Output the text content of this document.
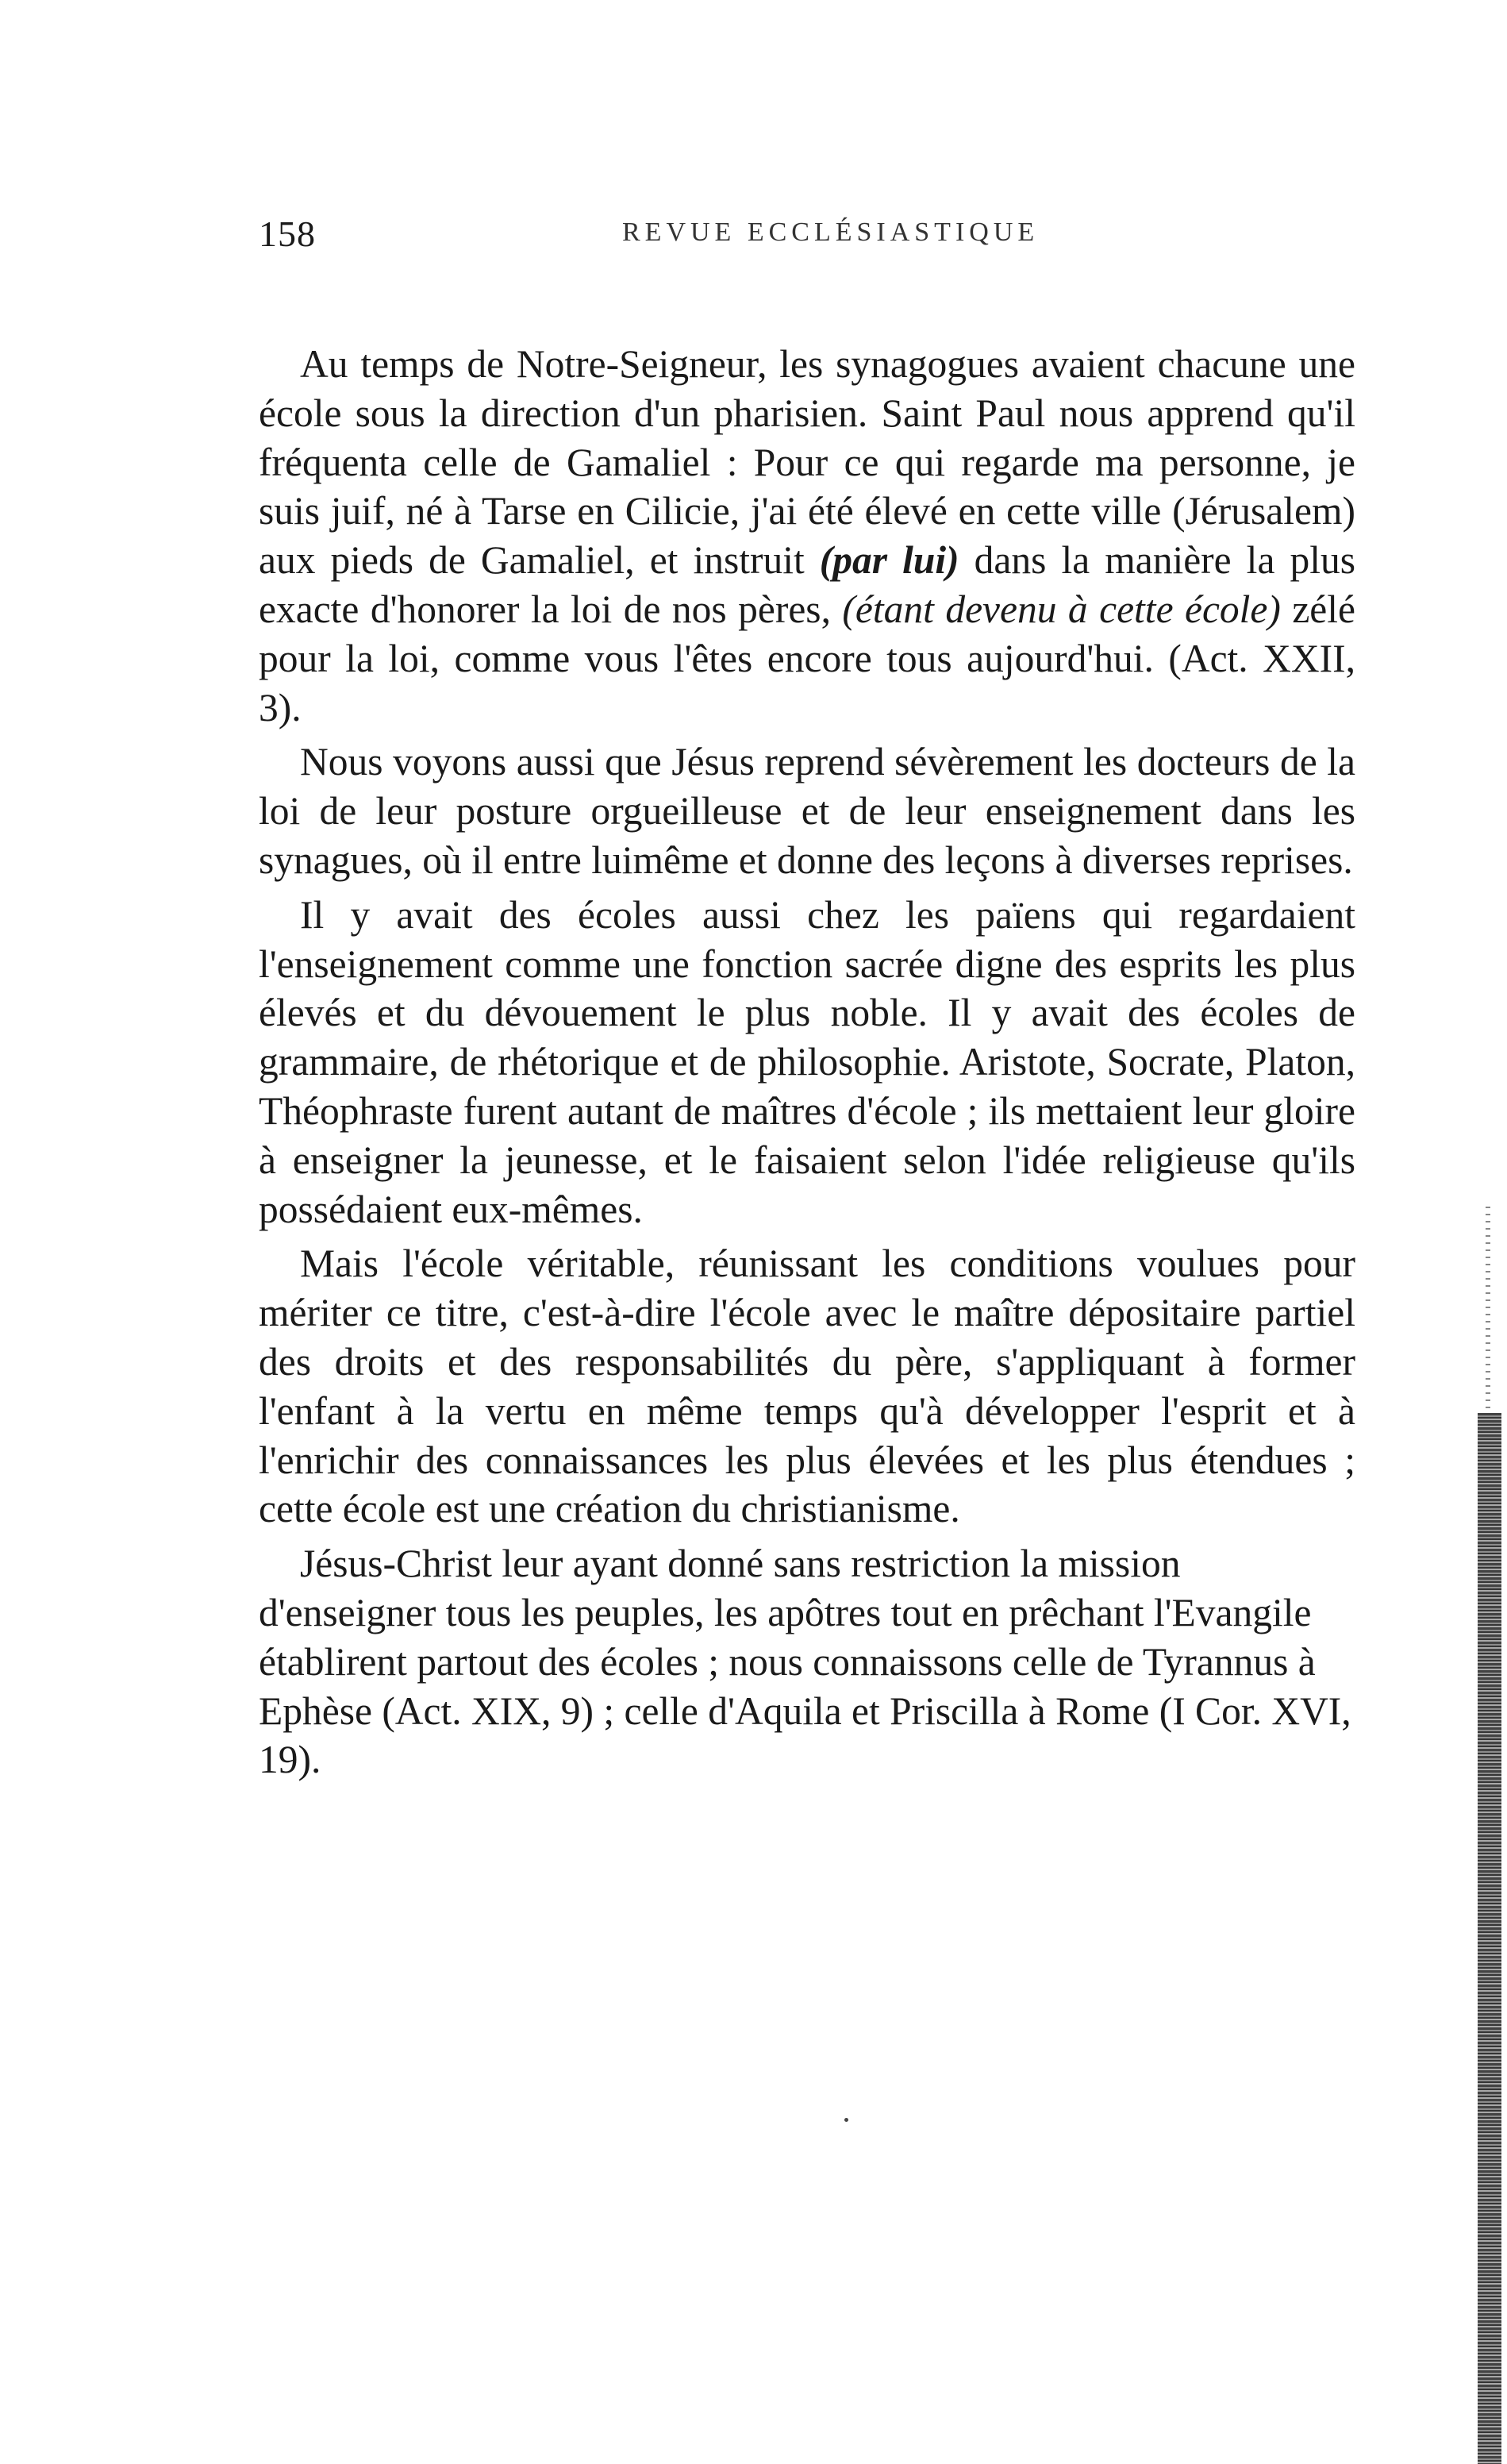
158	REVUE ECCLÉSIASTIQUE

Au temps de Notre-Seigneur, les synagogues avaient chacune une école sous la direction d'un pharisien. Saint Paul nous apprend qu'il fréquenta celle de Gamaliel : Pour ce qui regarde ma personne, je suis juif, né à Tarse en Cilicie, j'ai été élevé en cette ville (Jérusalem) aux pieds de Gamaliel, et instruit (par lui) dans la manière la plus exacte d'honorer la loi de nos pères, (étant devenu à cette école) zélé pour la loi, comme vous l'êtes encore tous aujourd'hui. (Act. XXII, 3).

Nous voyons aussi que Jésus reprend sévèrement les docteurs de la loi de leur posture orgueilleuse et de leur enseignement dans les synagues, où il entre luimême et donne des leçons à diverses reprises.

Il y avait des écoles aussi chez les païens qui regardaient l'enseignement comme une fonction sacrée digne des esprits les plus élevés et du dévouement le plus noble. Il y avait des écoles de grammaire, de rhétorique et de philosophie. Aristote, Socrate, Platon, Théophraste furent autant de maîtres d'école ; ils mettaient leur gloire à enseigner la jeunesse, et le faisaient selon l'idée religieuse qu'ils possédaient eux-mêmes.

Mais l'école véritable, réunissant les conditions voulues pour mériter ce titre, c'est-à-dire l'école avec le maître dépositaire partiel des droits et des responsabilités du père, s'appliquant à former l'enfant à la vertu en même temps qu'à développer l'esprit et à l'enrichir des connaissances les plus élevées et les plus étendues ; cette école est une création du christianisme.

Jésus-Christ leur ayant donné sans restriction la mission d'enseigner tous les peuples, les apôtres tout en prêchant l'Evangile établirent partout des écoles ; nous connaissons celle de Tyrannus à Ephèse (Act. XIX, 9) ; celle d'Aquila et Priscilla à Rome (I Cor. XVI, 19).
